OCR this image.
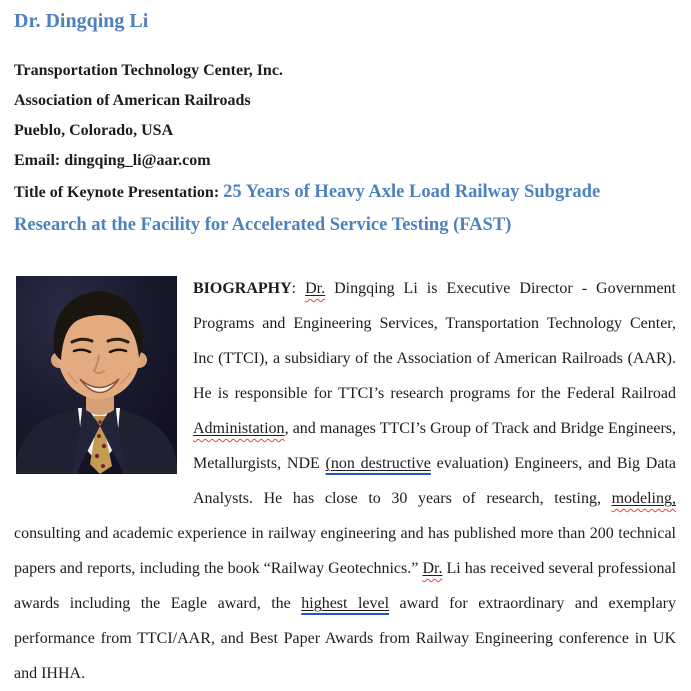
Dr. Dingqing Li

Transportation Technology Center, Inc.

Association of American Railroads

Pueblo, Colorado, USA

Email: dingqing_li@aar.com

Title of Keynote Presentation: 25 Years of Heavy Axle Load Railway Subgrade Research at the Facility for Accelerated Service Testing (FAST)

BIOGRAPHY: Dr. Dingqing Li is Executive Director - Government Programs and Engineering Services, Transportation Technology Center, Inc (TTCI), a subsidiary of the Association of American Railroads (AAR). He is responsible for TTCI’s research programs for the Federal Railroad Administation, and manages TTCI’s Group of Track and Bridge Engineers, Metallurgists, NDE (non destructive evaluation) Engineers, and Big Data Analysts. He has close to 30 years of research, testing, modeling, consulting and academic experience in railway engineering and has published more than 200 technical papers and reports, including the book “Railway Geotechnics.” Dr. Li has received several professional awards including the Eagle award, the highest level award for extraordinary and exemplary performance from TTCI/AAR, and Best Paper Awards from Railway Engineering conference in UK and IHHA.
